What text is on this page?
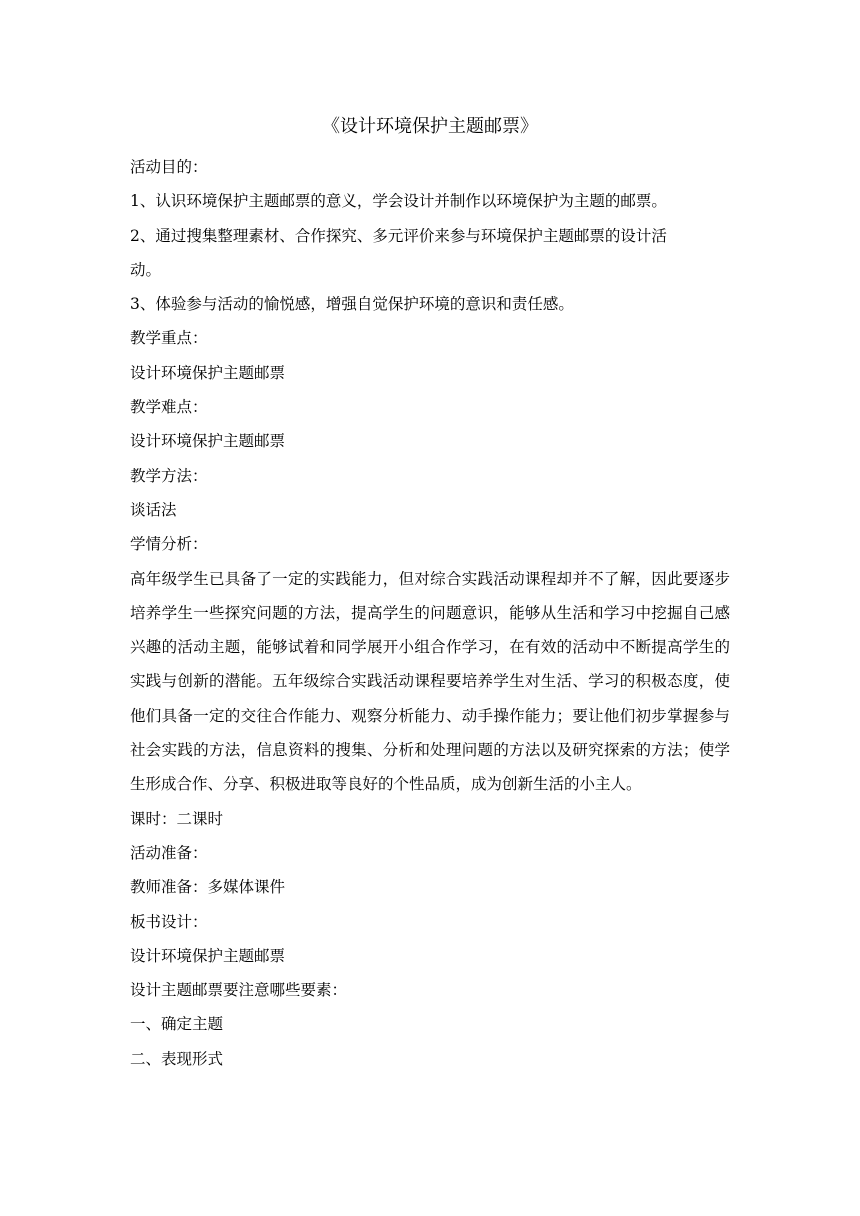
《设计环境保护主题邮票》

活动目的：

1、认识环境保护主题邮票的意义，学会设计并制作以环境保护为主题的邮票。

2、通过搜集整理素材、合作探究、多元评价来参与环境保护主题邮票的设计活

动。

3、体验参与活动的愉悦感，增强自觉保护环境的意识和责任感。

教学重点：

设计环境保护主题邮票

教学难点：

设计环境保护主题邮票

教学方法：

谈话法

学情分析：

高年级学生已具备了一定的实践能力，但对综合实践活动课程却并不了解，因此要逐步培养学生一些探究问题的方法，提高学生的问题意识，能够从生活和学习中挖掘自己感兴趣的活动主题，能够试着和同学展开小组合作学习，在有效的活动中不断提高学生的实践与创新的潜能。五年级综合实践活动课程要培养学生对生活、学习的积极态度，使他们具备一定的交往合作能力、观察分析能力、动手操作能力；要让他们初步掌握参与社会实践的方法，信息资料的搜集、分析和处理问题的方法以及研究探索的方法；使学生形成合作、分享、积极进取等良好的个性品质，成为创新生活的小主人。

课时：二课时

活动准备：

教师准备：多媒体课件

板书设计：

设计环境保护主题邮票

设计主题邮票要注意哪些要素：

一、确定主题

二、表现形式
